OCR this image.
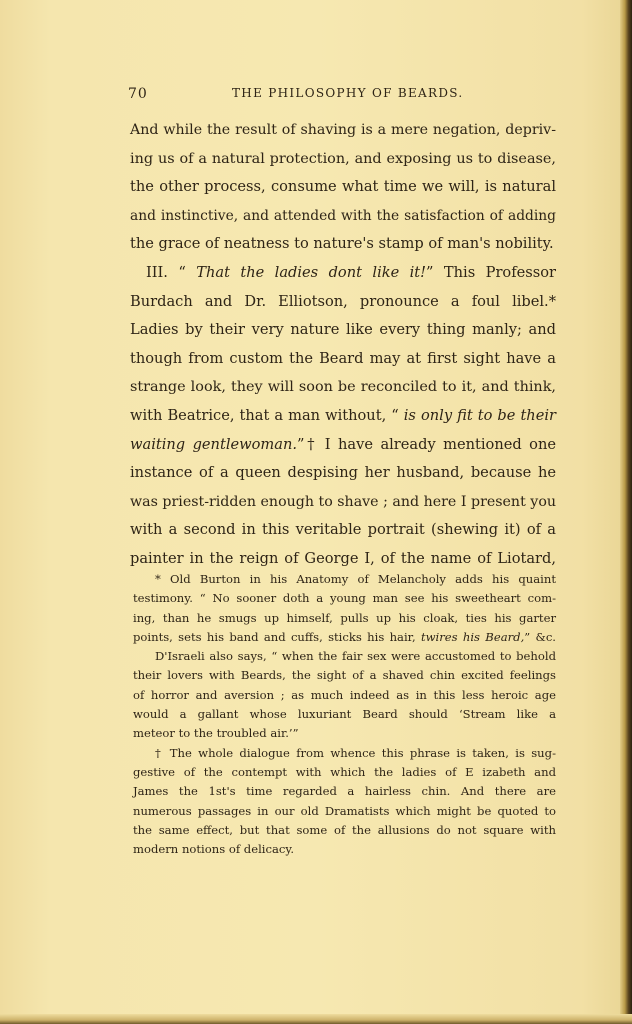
70	THE PHILOSOPHY OF BEARDS.
And while the result of shaving is a mere negation, depriv-
ing us of a natural protection, and exposing us to disease,
the other process, consume what time we will, is natural
and instinctive, and attended with the satisfaction of adding
the grace of neatness to nature's stamp of man's nobility.
III. “ That the ladies dont like it!” This Professor
Burdach and Dr. Elliotson, pronounce a foul libel.*
Ladies by their very nature like every thing manly; and
though from custom the Beard may at first sight have a
strange look, they will soon be reconciled to it, and think,
with Beatrice, that a man without, “ is only fit to be their
waiting gentlewoman.”† I have already mentioned one
instance of a queen despising her husband, because he
was priest-ridden enough to shave ; and here I present you
with a second in this veritable portrait (shewing it) of a
painter in the reign of George I, of the name of Liotard,
* Old Burton in his Anatomy of Melancholy adds his quaint
testimony. “ No sooner doth a young man see his sweetheart com-
ing, than he smugs up himself, pulls up his cloak, ties his garter
points, sets his band and cuffs, sticks his hair, twires his Beard,” &c.
D'Israeli also says, “ when the fair sex were accustomed to behold
their lovers with Beards, the sight of a shaved chin excited feelings
of horror and aversion ; as much indeed as in this less heroic age
would a gallant whose luxuriant Beard should ‘Stream like a
meteor to the troubled air.’”
† The whole dialogue from whence this phrase is taken, is sug-
gestive of the contempt with which the ladies of E izabeth and
James the 1st's time regarded a hairless chin. And there are
numerous passages in our old Dramatists which might be quoted to
the same effect, but that some of the allusions do not square with
modern notions of delicacy.
